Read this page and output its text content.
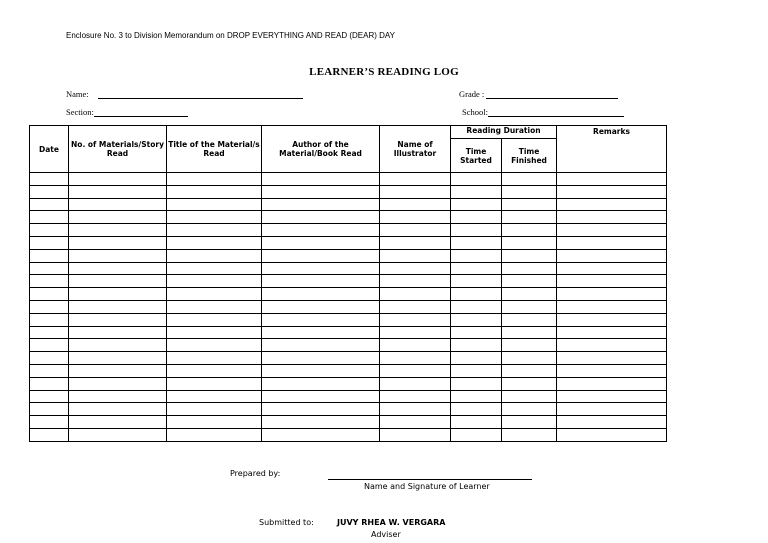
Enclosure No. 3 to Division Memorandum on DROP EVERYTHING AND READ (DEAR) DAY
LEARNER’S READING LOG
Name:
Section:
Grade :
School:
Date	No. of Materials/Story Read	Title of the Material/s Read	Author of the Material/Book Read	Name of Illustrator	Reading Duration		Remarks
					Time Started	Time Finished	

Prepared by:
Name and Signature of Learner
Submitted to:	JUVY RHEA W. VERGARA
Adviser
